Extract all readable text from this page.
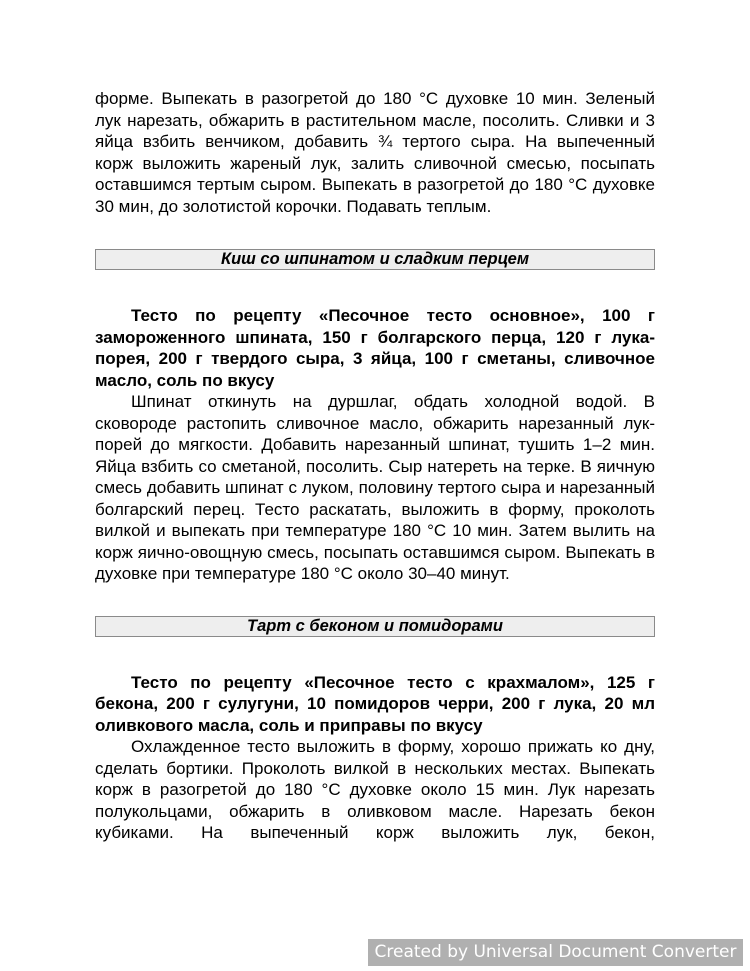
форме. Выпекать в разогретой до 180 °С духовке 10 мин. Зеленый лук нарезать, обжарить в растительном масле, посолить. Сливки и 3 яйца взбить венчиком, добавить ¾ тертого сыра. На выпеченный корж выложить жареный лук, залить сливочной смесью, посыпать оставшимся тертым сыром. Выпекать в разогретой до 180 °С духовке 30 мин, до золотистой корочки. Подавать теплым.

Киш со шпинатом и сладким перцем

Тесто по рецепту «Песочное тесто основное», 100 г замороженного шпината, 150 г болгарского перца, 120 г лука-порея, 200 г твердого сыра, 3 яйца, 100 г сметаны, сливочное масло, соль по вкусу

Шпинат откинуть на дуршлаг, обдать холодной водой. В сковороде растопить сливочное масло, обжарить нарезанный лук-порей до мягкости. Добавить нарезанный шпинат, тушить 1–2 мин. Яйца взбить со сметаной, посолить. Сыр натереть на терке. В яичную смесь добавить шпинат с луком, половину тертого сыра и нарезанный болгарский перец. Тесто раскатать, выложить в форму, проколоть вилкой и выпекать при температуре 180 °С 10 мин. Затем вылить на корж яично-овощную смесь, посыпать оставшимся сыром. Выпекать в духовке при температуре 180 °С около 30–40 минут.

Тарт с беконом и помидорами

Тесто по рецепту «Песочное тесто с крахмалом», 125 г бекона, 200 г сулугуни, 10 помидоров черри, 200 г лука, 20 мл оливкового масла, соль и приправы по вкусу

Охлажденное тесто выложить в форму, хорошо прижать ко дну, сделать бортики. Проколоть вилкой в нескольких местах. Выпекать корж в разогретой до 180 °С духовке около 15 мин. Лук нарезать полукольцами, обжарить в оливковом масле. Нарезать бекон кубиками. На выпеченный корж выложить лук, бекон,

Created by Universal Document Converter
